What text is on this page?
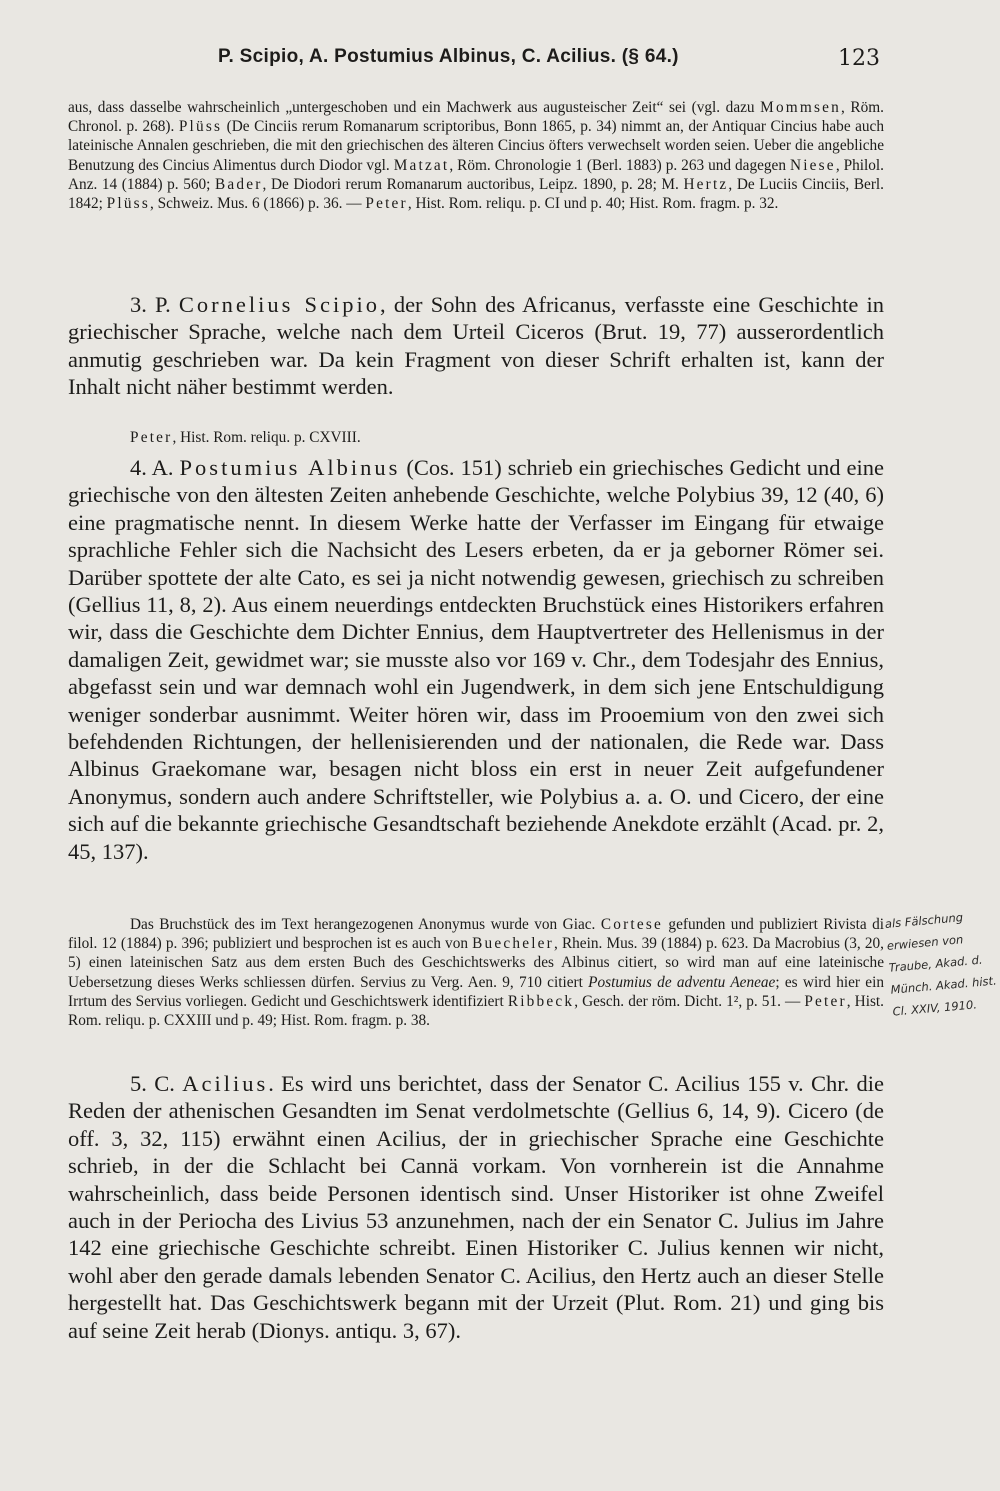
P. Scipio, A. Postumius Albinus, C. Acilius. (§ 64.)	123

aus, dass dasselbe wahrscheinlich „untergeschoben und ein Machwerk aus augusteischer Zeit“ sei (vgl. dazu Mommsen, Röm. Chronol. p. 268). Plüss (De Cinciis rerum Romanarum scriptoribus, Bonn 1865, p. 34) nimmt an, der Antiquar Cincius habe auch lateinische Annalen geschrieben, die mit den griechischen des älteren Cincius öfters verwechselt worden seien. Ueber die angebliche Benutzung des Cincius Alimentus durch Diodor vgl. Matzat, Röm. Chronologie 1 (Berl. 1883) p. 263 und dagegen Niese, Philol. Anz. 14 (1884) p. 560; Bader, De Diodori rerum Romanarum auctoribus, Leipz. 1890, p. 28; M. Hertz, De Luciis Cinciis, Berl. 1842; Plüss, Schweiz. Mus. 6 (1866) p. 36. — Peter, Hist. Rom. reliqu. p. CI und p. 40; Hist. Rom. fragm. p. 32.

3. P. Cornelius Scipio, der Sohn des Africanus, verfasste eine Geschichte in griechischer Sprache, welche nach dem Urteil Ciceros (Brut. 19, 77) ausserordentlich anmutig geschrieben war. Da kein Fragment von dieser Schrift erhalten ist, kann der Inhalt nicht näher bestimmt werden.

Peter, Hist. Rom. reliqu. p. CXVIII.

4. A. Postumius Albinus (Cos. 151) schrieb ein griechisches Gedicht und eine griechische von den ältesten Zeiten anhebende Geschichte, welche Polybius 39, 12 (40, 6) eine pragmatische nennt. In diesem Werke hatte der Verfasser im Eingang für etwaige sprachliche Fehler sich die Nachsicht des Lesers erbeten, da er ja geborner Römer sei. Darüber spottete der alte Cato, es sei ja nicht notwendig gewesen, griechisch zu schreiben (Gellius 11, 8, 2). Aus einem neuerdings entdeckten Bruchstück eines Historikers erfahren wir, dass die Geschichte dem Dichter Ennius, dem Hauptvertreter des Hellenismus in der damaligen Zeit, gewidmet war; sie musste also vor 169 v. Chr., dem Todesjahr des Ennius, abgefasst sein und war demnach wohl ein Jugendwerk, in dem sich jene Entschuldigung weniger sonderbar ausnimmt. Weiter hören wir, dass im Prooemium von den zwei sich befehdenden Richtungen, der hellenisierenden und der nationalen, die Rede war. Dass Albinus Graekomane war, besagen nicht bloss ein erst in neuer Zeit aufgefundener Anonymus, sondern auch andere Schriftsteller, wie Polybius a. a. O. und Cicero, der eine sich auf die bekannte griechische Gesandtschaft beziehende Anekdote erzählt (Acad. pr. 2, 45, 137).

Das Bruchstück des im Text herangezogenen Anonymus wurde von Giac. Cortese gefunden und publiziert Rivista di filol. 12 (1884) p. 396; publiziert und besprochen ist es auch von Buecheler, Rhein. Mus. 39 (1884) p. 623. Da Macrobius (3, 20, 5) einen lateinischen Satz aus dem ersten Buch des Geschichtswerks des Albinus citiert, so wird man auf eine lateinische Uebersetzung dieses Werks schliessen dürfen. Servius zu Verg. Aen. 9, 710 citiert Postumius de adventu Aeneae; es wird hier ein Irrtum des Servius vorliegen. Gedicht und Geschichtswerk identifiziert Ribbeck, Gesch. der röm. Dicht. 1², p. 51. — Peter, Hist. Rom. reliqu. p. CXXIII und p. 49; Hist. Rom. fragm. p. 38.

5. C. Acilius. Es wird uns berichtet, dass der Senator C. Acilius 155 v. Chr. die Reden der athenischen Gesandten im Senat verdolmetschte (Gellius 6, 14, 9). Cicero (de off. 3, 32, 115) erwähnt einen Acilius, der in griechischer Sprache eine Geschichte schrieb, in der die Schlacht bei Cannä vorkam. Von vornherein ist die Annahme wahrscheinlich, dass beide Personen identisch sind. Unser Historiker ist ohne Zweifel auch in der Periocha des Livius 53 anzunehmen, nach der ein Senator C. Julius im Jahre 142 eine griechische Geschichte schreibt. Einen Historiker C. Julius kennen wir nicht, wohl aber den gerade damals lebenden Senator C. Acilius, den Hertz auch an dieser Stelle hergestellt hat. Das Geschichtswerk begann mit der Urzeit (Plut. Rom. 21) und ging bis auf seine Zeit herab (Dionys. antiqu. 3, 67).

als Fälschung erwiesen von Traube, Akad. d. Münch. Akad. hist. Cl. XXIV, 1910.
